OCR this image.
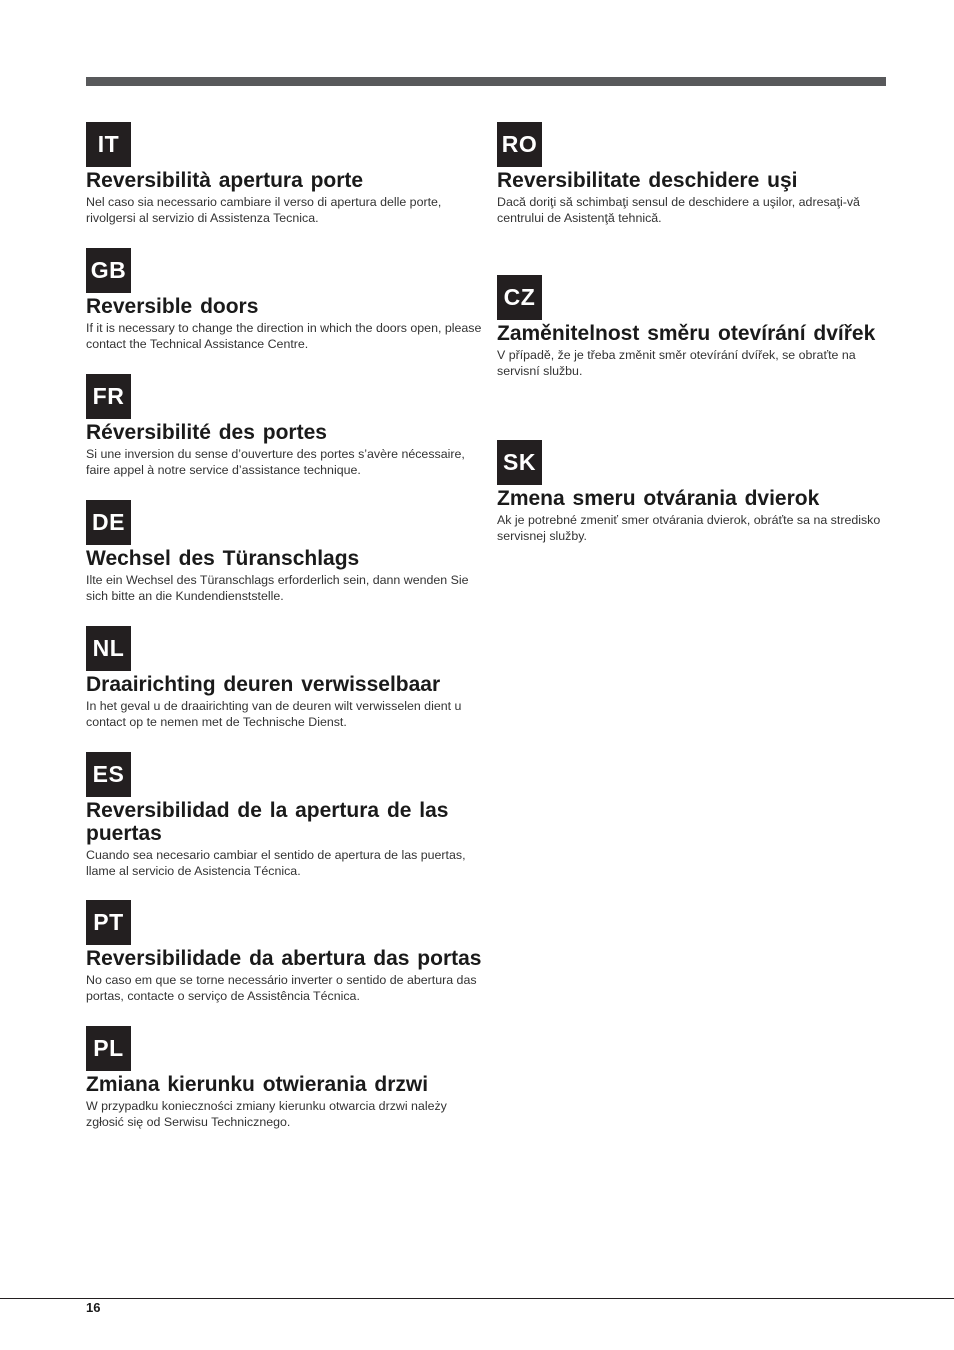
IT
Reversibilità apertura porte
Nel caso sia necessario cambiare il verso di apertura delle porte, rivolgersi al servizio di Assistenza Tecnica.
GB
Reversible doors
If it is necessary to change the direction in which the doors open, please contact the Technical Assistance Centre.
FR
Réversibilité des portes
Si une inversion du sense d’ouverture des portes s’avère nécessaire, faire appel à notre service d’assistance technique.
DE
Wechsel des Türanschlags
Ilte ein Wechsel des Türanschlags erforderlich sein, dann wenden Sie sich bitte an die Kundendienststelle.
NL
Draairichting deuren verwisselbaar
In het geval u de draairichting van de deuren wilt verwisselen dient u contact op te nemen met de Technische Dienst.
ES
Reversibilidad de la apertura de las puertas
Cuando sea necesario cambiar el sentido de apertura de las puertas, llame al servicio de Asistencia Técnica.
PT
Reversibilidade da abertura das portas
No caso em que se torne necessário inverter o sentido de abertura das portas, contacte o serviço de Assistência Técnica.
PL
Zmiana kierunku otwierania drzwi
W przypadku konieczności zmiany kierunku otwarcia drzwi należy zgłosić się od Serwisu Technicznego.
RO
Reversibilitate deschidere uşi
Dacă doriţi să schimbaţi sensul de deschidere a uşilor, adresaţi-vă centrului de Asistenţă tehnică.
CZ
Zaměnitelnost směru otevírání dvířek
V případě, že je třeba změnit směr otevírání dvířek, se obraťte na servisní službu.
SK
Zmena smeru otvárania dvierok
Ak je potrebné zmeniť smer otvárania dvierok, obráťte sa na stredisko servisnej služby.
16
